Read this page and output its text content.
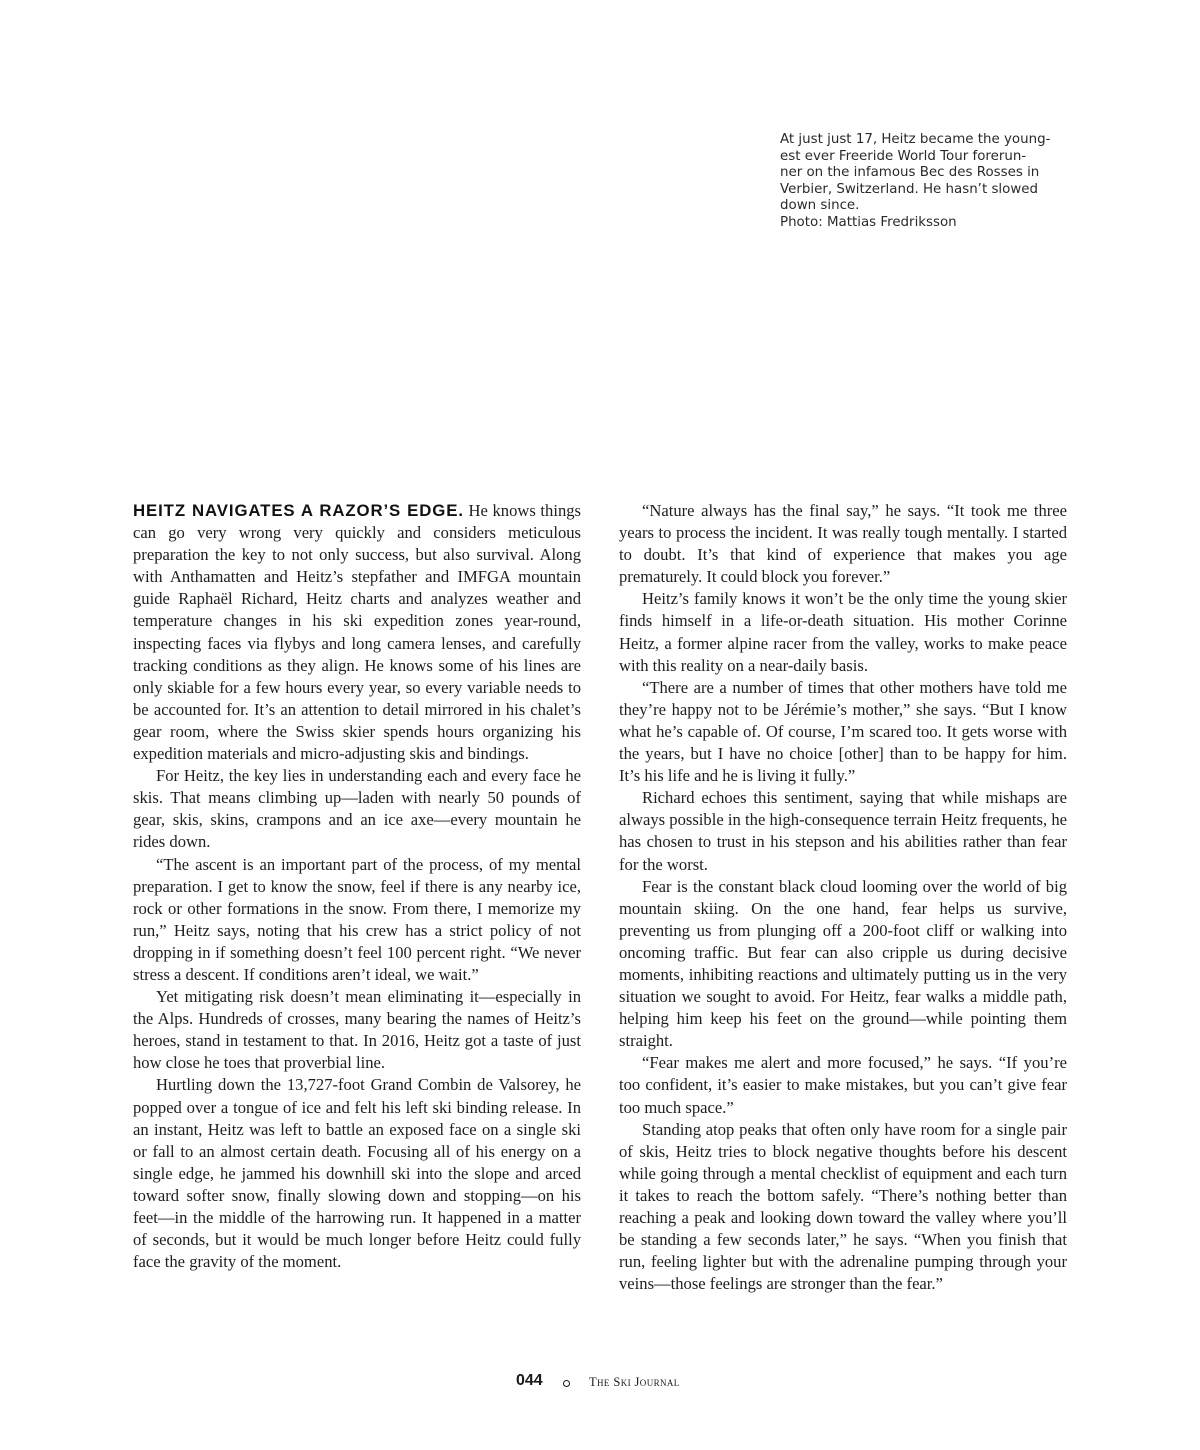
At just just 17, Heitz became the young-
est ever Freeride World Tour forerun-
ner on the infamous Bec des Rosses in
Verbier, Switzerland. He hasn’t slowed
down since.
Photo: Mattias Fredriksson

HEITZ NAVIGATES A RAZOR’S EDGE. He knows things can go very wrong very quickly and considers meticulous preparation the key to not only success, but also survival. Along with Anthamatten and Heitz’s stepfather and IMFGA mountain guide Raphaël Richard, Heitz charts and analyzes weather and temperature changes in his ski expedition zones year-round, inspecting faces via flybys and long camera lenses, and carefully tracking conditions as they align. He knows some of his lines are only skiable for a few hours every year, so every variable needs to be accounted for. It’s an attention to detail mirrored in his chalet’s gear room, where the Swiss skier spends hours organizing his expedition materials and micro-adjusting skis and bindings.

For Heitz, the key lies in understanding each and every face he skis. That means climbing up—laden with nearly 50 pounds of gear, skis, skins, crampons and an ice axe—every mountain he rides down.

“The ascent is an important part of the process, of my mental preparation. I get to know the snow, feel if there is any nearby ice, rock or other formations in the snow. From there, I memorize my run,” Heitz says, noting that his crew has a strict policy of not dropping in if something doesn’t feel 100 percent right. “We never stress a descent. If conditions aren’t ideal, we wait.”

Yet mitigating risk doesn’t mean eliminating it—especially in the Alps. Hundreds of crosses, many bearing the names of Heitz’s heroes, stand in testament to that. In 2016, Heitz got a taste of just how close he toes that proverbial line.

Hurtling down the 13,727-foot Grand Combin de Valsorey, he popped over a tongue of ice and felt his left ski binding release. In an instant, Heitz was left to battle an exposed face on a single ski or fall to an almost certain death. Focusing all of his energy on a single edge, he jammed his downhill ski into the slope and arced toward softer snow, finally slowing down and stopping—on his feet—in the middle of the harrowing run. It happened in a matter of seconds, but it would be much longer before Heitz could fully face the gravity of the moment.

“Nature always has the final say,” he says. “It took me three years to process the incident. It was really tough mentally. I started to doubt. It’s that kind of experience that makes you age prematurely. It could block you forever.”

Heitz’s family knows it won’t be the only time the young skier finds himself in a life-or-death situation. His mother Corinne Heitz, a former alpine racer from the valley, works to make peace with this reality on a near-daily basis.

“There are a number of times that other mothers have told me they’re happy not to be Jérémie’s mother,” she says. “But I know what he’s capable of. Of course, I’m scared too. It gets worse with the years, but I have no choice [other] than to be happy for him. It’s his life and he is living it fully.”

Richard echoes this sentiment, saying that while mishaps are always possible in the high-consequence terrain Heitz frequents, he has chosen to trust in his stepson and his abilities rather than fear for the worst.

Fear is the constant black cloud looming over the world of big mountain skiing. On the one hand, fear helps us survive, preventing us from plunging off a 200-foot cliff or walking into oncoming traffic. But fear can also cripple us during decisive moments, inhibiting reactions and ultimately putting us in the very situation we sought to avoid. For Heitz, fear walks a middle path, helping him keep his feet on the ground—while pointing them straight.

“Fear makes me alert and more focused,” he says. “If you’re too confident, it’s easier to make mistakes, but you can’t give fear too much space.”

Standing atop peaks that often only have room for a single pair of skis, Heitz tries to block negative thoughts before his descent while going through a mental checklist of equipment and each turn it takes to reach the bottom safely. “There’s nothing better than reaching a peak and looking down toward the valley where you’ll be standing a few seconds later,” he says. “When you finish that run, feeling lighter but with the adrenaline pumping through your veins—those feelings are stronger than the fear.”

044	The Ski Journal
